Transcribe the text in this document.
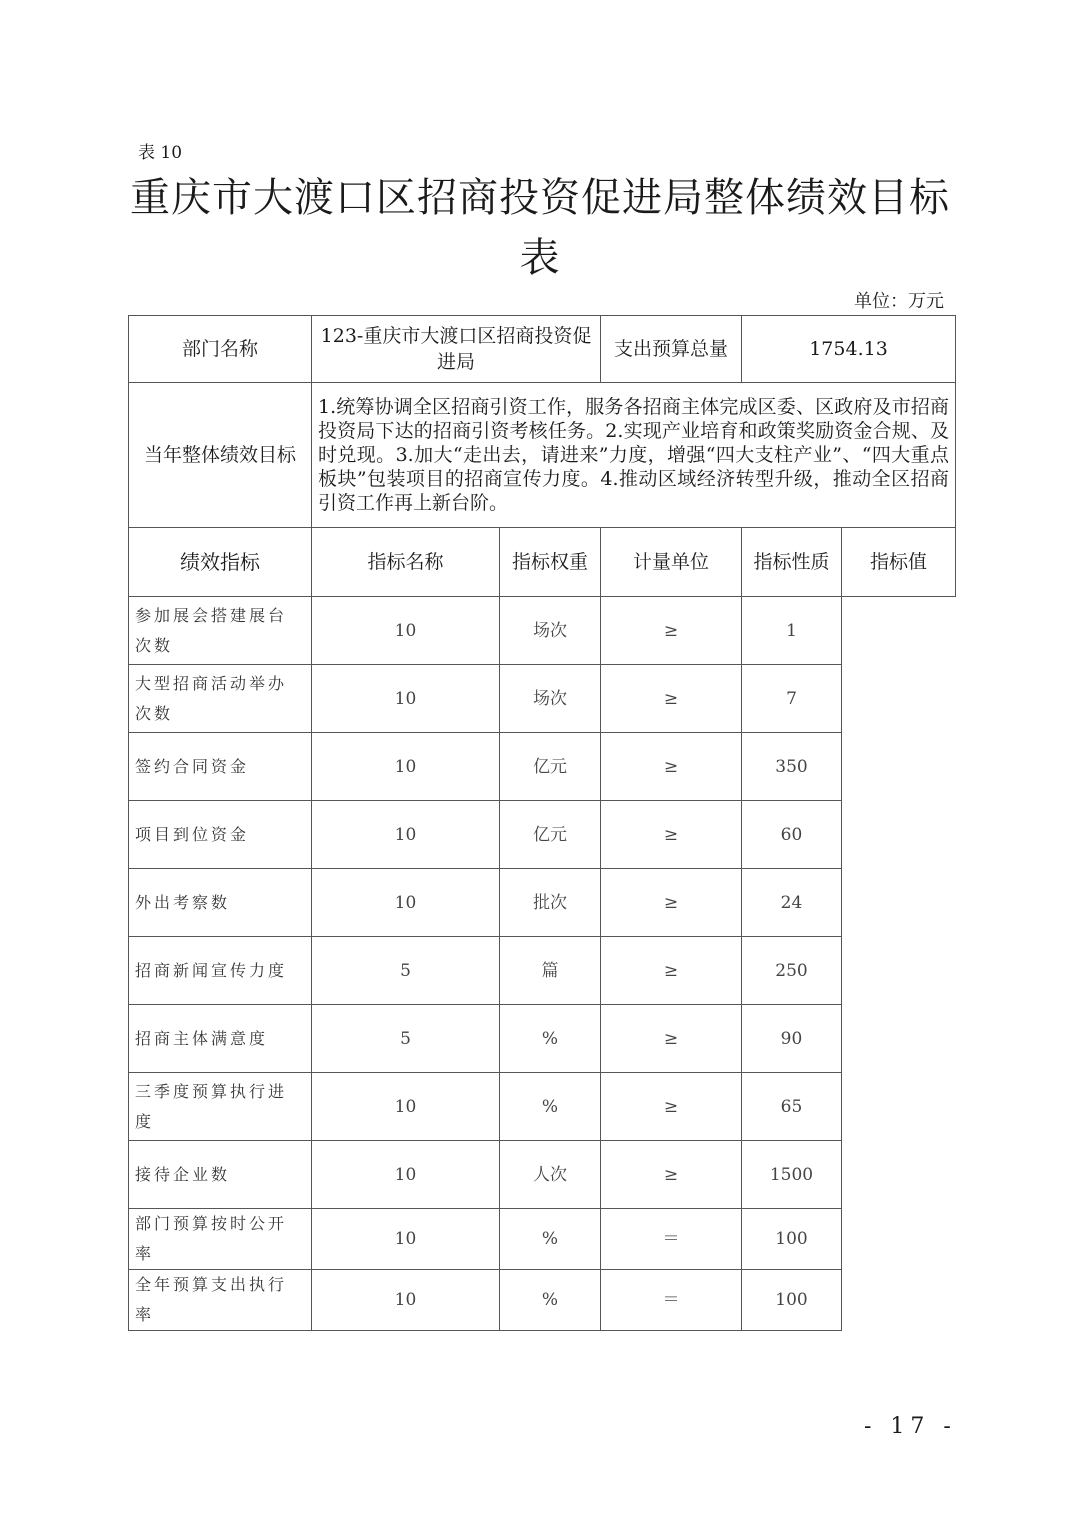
表 10
重庆市大渡口区招商投资促进局整体绩效目标表
单位：万元
部门名称	123-重庆市大渡口区招商投资促进局		支出预算总量	1754.13	
当年整体绩效目标	1.统筹协调全区招商引资工作，服务各招商主体完成区委、区政府及市招商投资局下达的招商引资考核任务。2.实现产业培育和政策奖励资金合规、及时兑现。3.加大“走出去，请进来”力度，增强“四大支柱产业”、“四大重点板块”包装项目的招商宣传力度。4.推动区域经济转型升级，推动全区招商引资工作再上新台阶。				
绩效指标	指标名称	指标权重	计量单位	指标性质	指标值
参加展会搭建展台次数	10	场次	≥	1	
大型招商活动举办次数	10	场次	≥	7	
签约合同资金	10	亿元	≥	350	
项目到位资金	10	亿元	≥	60	
外出考察数	10	批次	≥	24	
招商新闻宣传力度	5	篇	≥	250	
招商主体满意度	5	%	≥	90	
三季度预算执行进度	10	%	≥	65	
接待企业数	10	人次	≥	1500	
部门预算按时公开率	10	%	＝	100	
全年预算支出执行率	10	%	＝	100	
- 17 -
